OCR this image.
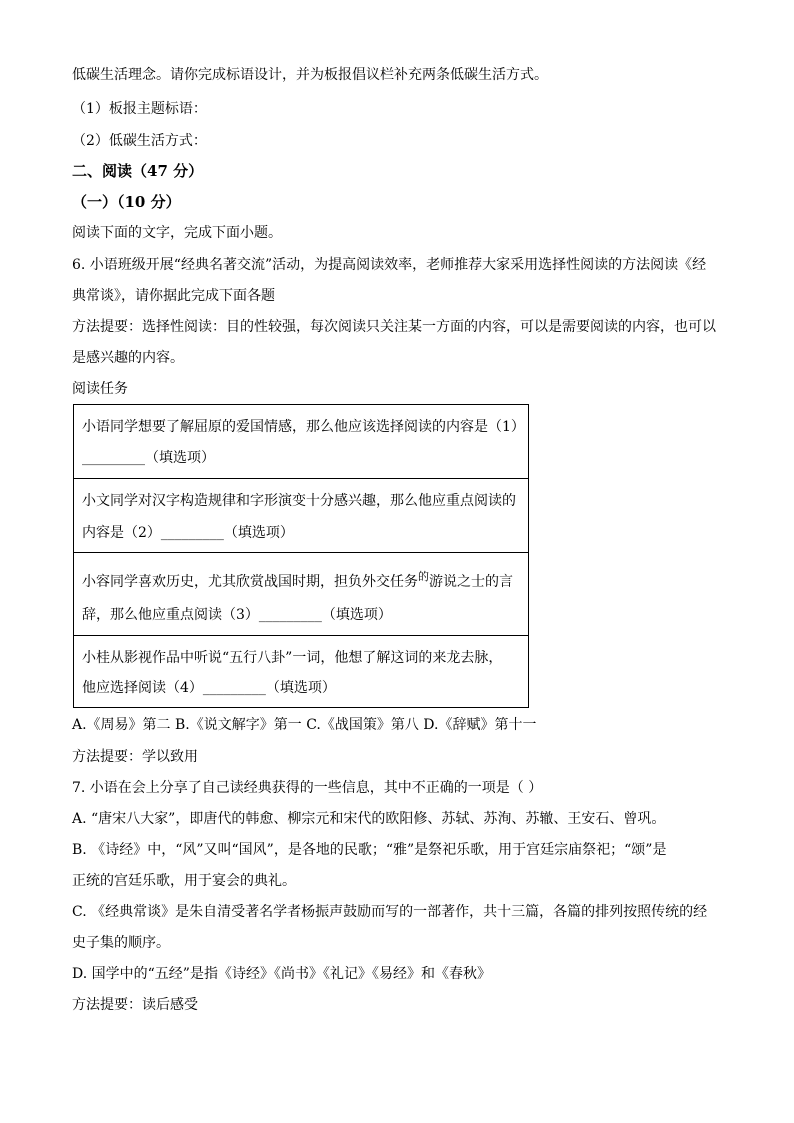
低碳生活理念。请你完成标语设计，并为板报倡议栏补充两条低碳生活方式。
（1）板报主题标语：
（2）低碳生活方式：
二、阅读（47 分）
（一）（10 分）
阅读下面的文字，完成下面小题。
6. 小语班级开展“经典名著交流”活动，为提高阅读效率，老师推荐大家采用选择性阅读的方法阅读《经
典常谈》，请你据此完成下面各题
方法提要：选择性阅读：目的性较强，每次阅读只关注某一方面的内容，可以是需要阅读的内容，也可以
是感兴趣的内容。
阅读任务
小语同学想要了解屈原的爱国情感，那么他应该选择阅读的内容是（1）
_________（填选项）
小文同学对汉字构造规律和字形演变十分感兴趣，那么他应重点阅读的
内容是（2）_________（填选项）
小容同学喜欢历史，尤其欣赏战国时期，担负外交任务$^的$游说之士的言
辞，那么他应重点阅读（3）_________（填选项）
小桂从影视作品中听说“五行八卦”一词，他想了解这词的来龙去脉，
他应选择阅读（4）_________（填选项）
A.《周易》第二 B.《说文解字》第一 C.《战国策》第八 D.《辞赋》第十一
方法提要：学以致用
7. 小语在会上分享了自己读经典获得的一些信息，其中不正确的一项是（ ）
A. “唐宋八大家”，即唐代的韩愈、柳宗元和宋代的欧阳修、苏轼、苏洵、苏辙、王安石、曾巩。
B. 《诗经》中，“风”又叫“国风”，是各地的民歌；“雅”是祭祀乐歌，用于宫廷宗庙祭祀；“颂”是
正统的宫廷乐歌，用于宴会的典礼。
C. 《经典常谈》是朱自清受著名学者杨振声鼓励而写的一部著作，共十三篇，各篇的排列按照传统的经
史子集的顺序。
D. 国学中的“五经”是指《诗经》《尚书》《礼记》《易经》和《春秋》
方法提要：读后感受
